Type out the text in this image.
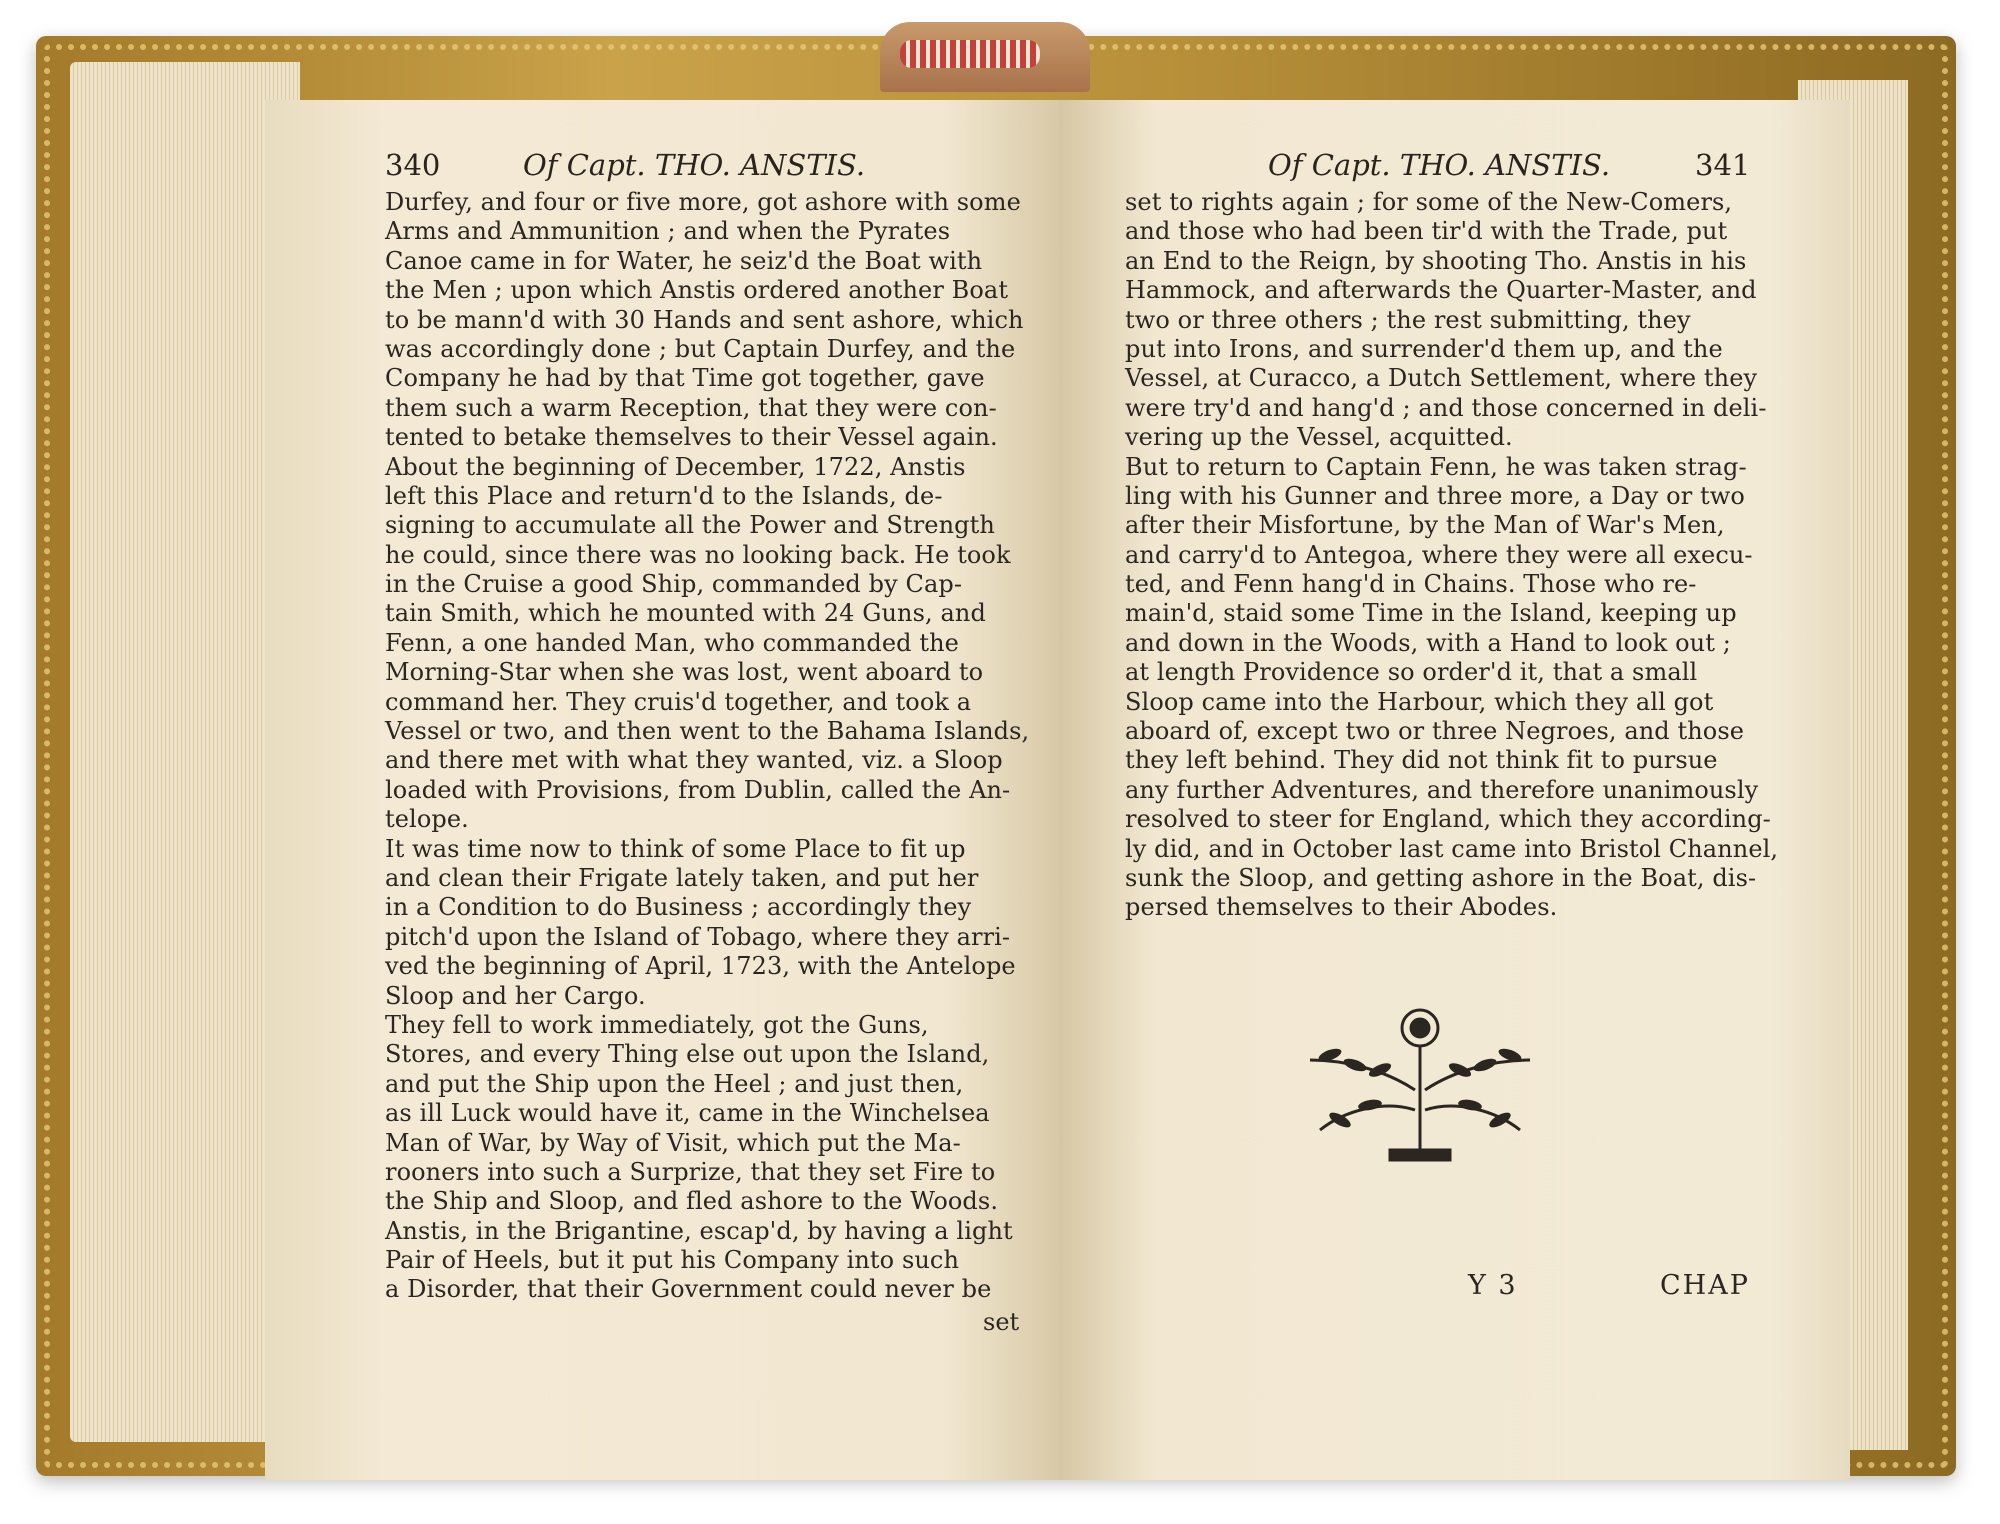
340	Of Capt. THO. ANSTIS.
Durfey, and four or five more, got ashore with some
Arms and Ammunition ; and when the Pyrates
Canoe came in for Water, he seiz'd the Boat with
the Men ; upon which Anstis ordered another Boat
to be mann'd with 30 Hands and sent ashore, which
was accordingly done ; but Captain Durfey, and the
Company he had by that Time got together, gave
them such a warm Reception, that they were con-
tented to betake themselves to their Vessel again.
About the beginning of December, 1722, Anstis
left this Place and return'd to the Islands, de-
signing to accumulate all the Power and Strength
he could, since there was no looking back. He took
in the Cruise a good Ship, commanded by Cap-
tain Smith, which he mounted with 24 Guns, and
Fenn, a one handed Man, who commanded the
Morning-Star when she was lost, went aboard to
command her. They cruis'd together, and took a
Vessel or two, and then went to the Bahama Islands,
and there met with what they wanted, viz. a Sloop
loaded with Provisions, from Dublin, called the An-
telope.
It was time now to think of some Place to fit up
and clean their Frigate lately taken, and put her
in a Condition to do Business ; accordingly they
pitch'd upon the Island of Tobago, where they arri-
ved the beginning of April, 1723, with the Antelope
Sloop and her Cargo.
They fell to work immediately, got the Guns,
Stores, and every Thing else out upon the Island,
and put the Ship upon the Heel ; and just then,
as ill Luck would have it, came in the Winchelsea
Man of War, by Way of Visit, which put the Ma-
rooners into such a Surprize, that they set Fire to
the Ship and Sloop, and fled ashore to the Woods.
Anstis, in the Brigantine, escap'd, by having a light
Pair of Heels, but it put his Company into such
a Disorder, that their Government could never be
set
Of Capt. THO. ANSTIS.	341
set to rights again ; for some of the New-Comers,
and those who had been tir'd with the Trade, put
an End to the Reign, by shooting Tho. Anstis in his
Hammock, and afterwards the Quarter-Master, and
two or three others ; the rest submitting, they
put into Irons, and surrender'd them up, and the
Vessel, at Curacco, a Dutch Settlement, where they
were try'd and hang'd ; and those concerned in deli-
vering up the Vessel, acquitted.
But to return to Captain Fenn, he was taken strag-
ling with his Gunner and three more, a Day or two
after their Misfortune, by the Man of War's Men,
and carry'd to Antegoa, where they were all execu-
ted, and Fenn hang'd in Chains. Those who re-
main'd, staid some Time in the Island, keeping up
and down in the Woods, with a Hand to look out ;
at length Providence so order'd it, that a small
Sloop came into the Harbour, which they all got
aboard of, except two or three Negroes, and those
they left behind. They did not think fit to pursue
any further Adventures, and therefore unanimously
resolved to steer for England, which they according-
ly did, and in October last came into Bristol Channel,
sunk the Sloop, and getting ashore in the Boat, dis-
persed themselves to their Abodes.
Y 3	CHAP
